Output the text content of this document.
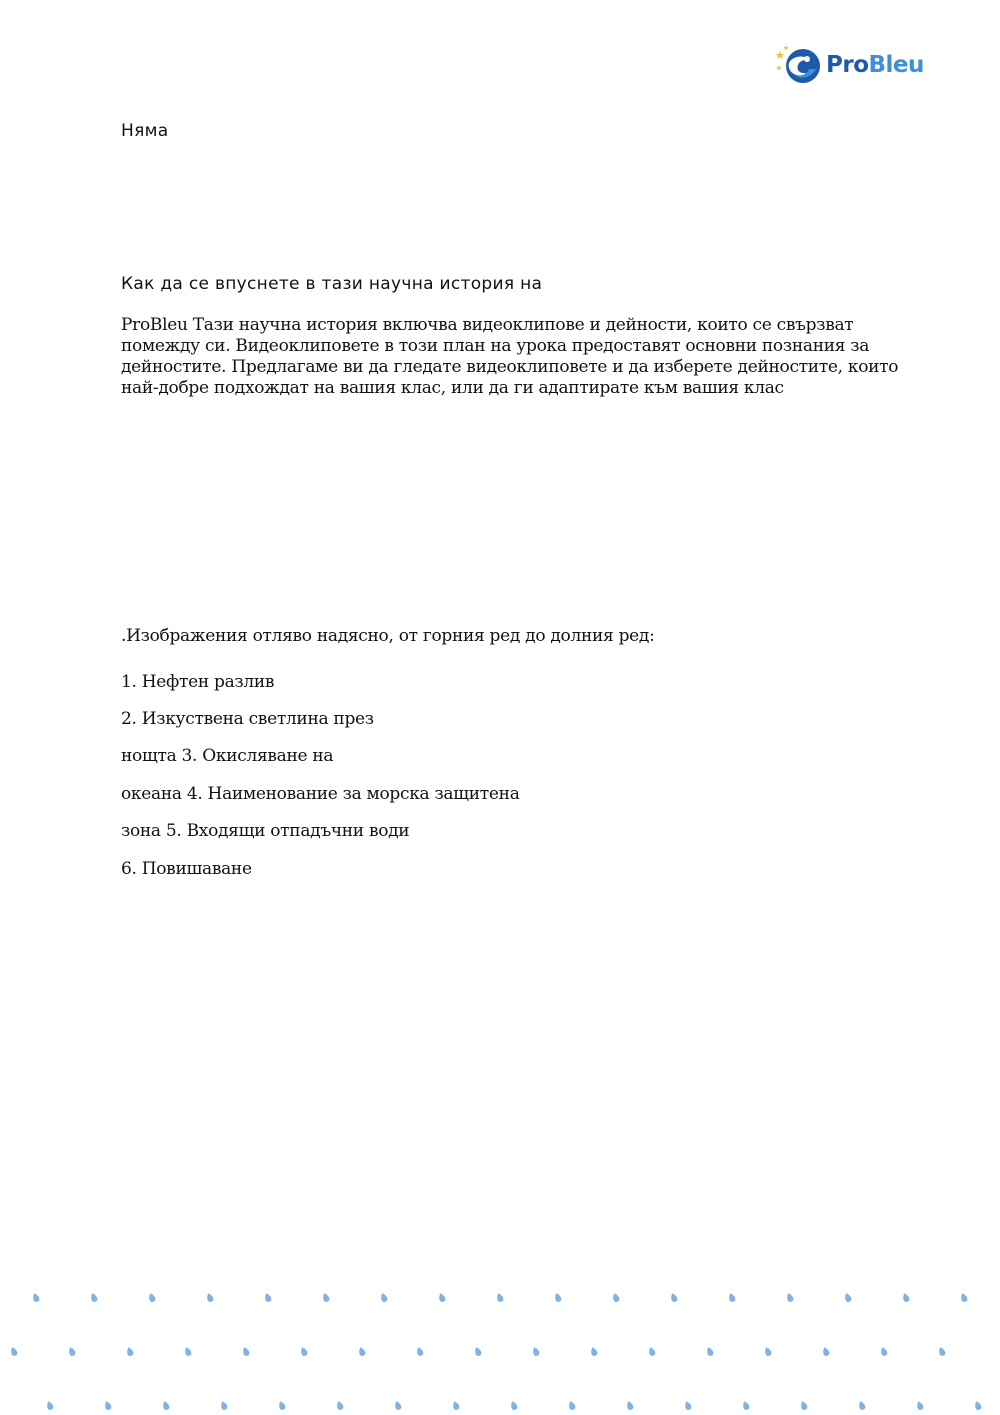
ProBleu

Няма

Как да се впуснете в тази научна история на

ProBleu Тази научна история включва видеоклипове и дейности, които се свързват
помежду си. Видеоклиповете в този план на урока предоставят основни познания за
дейностите. Предлагаме ви да гледате видеоклиповете и да изберете дейностите, които
най-добре подхождат на вашия клас, или да ги адаптирате към вашия клас

.Изображения отляво надясно, от горния ред до долния ред:

1. Нефтен разлив

2. Изкуствена светлина през

нощта 3. Окисляване на

океана 4. Наименование за морска защитена

зона 5. Входящи отпадъчни води

6. Повишаване
